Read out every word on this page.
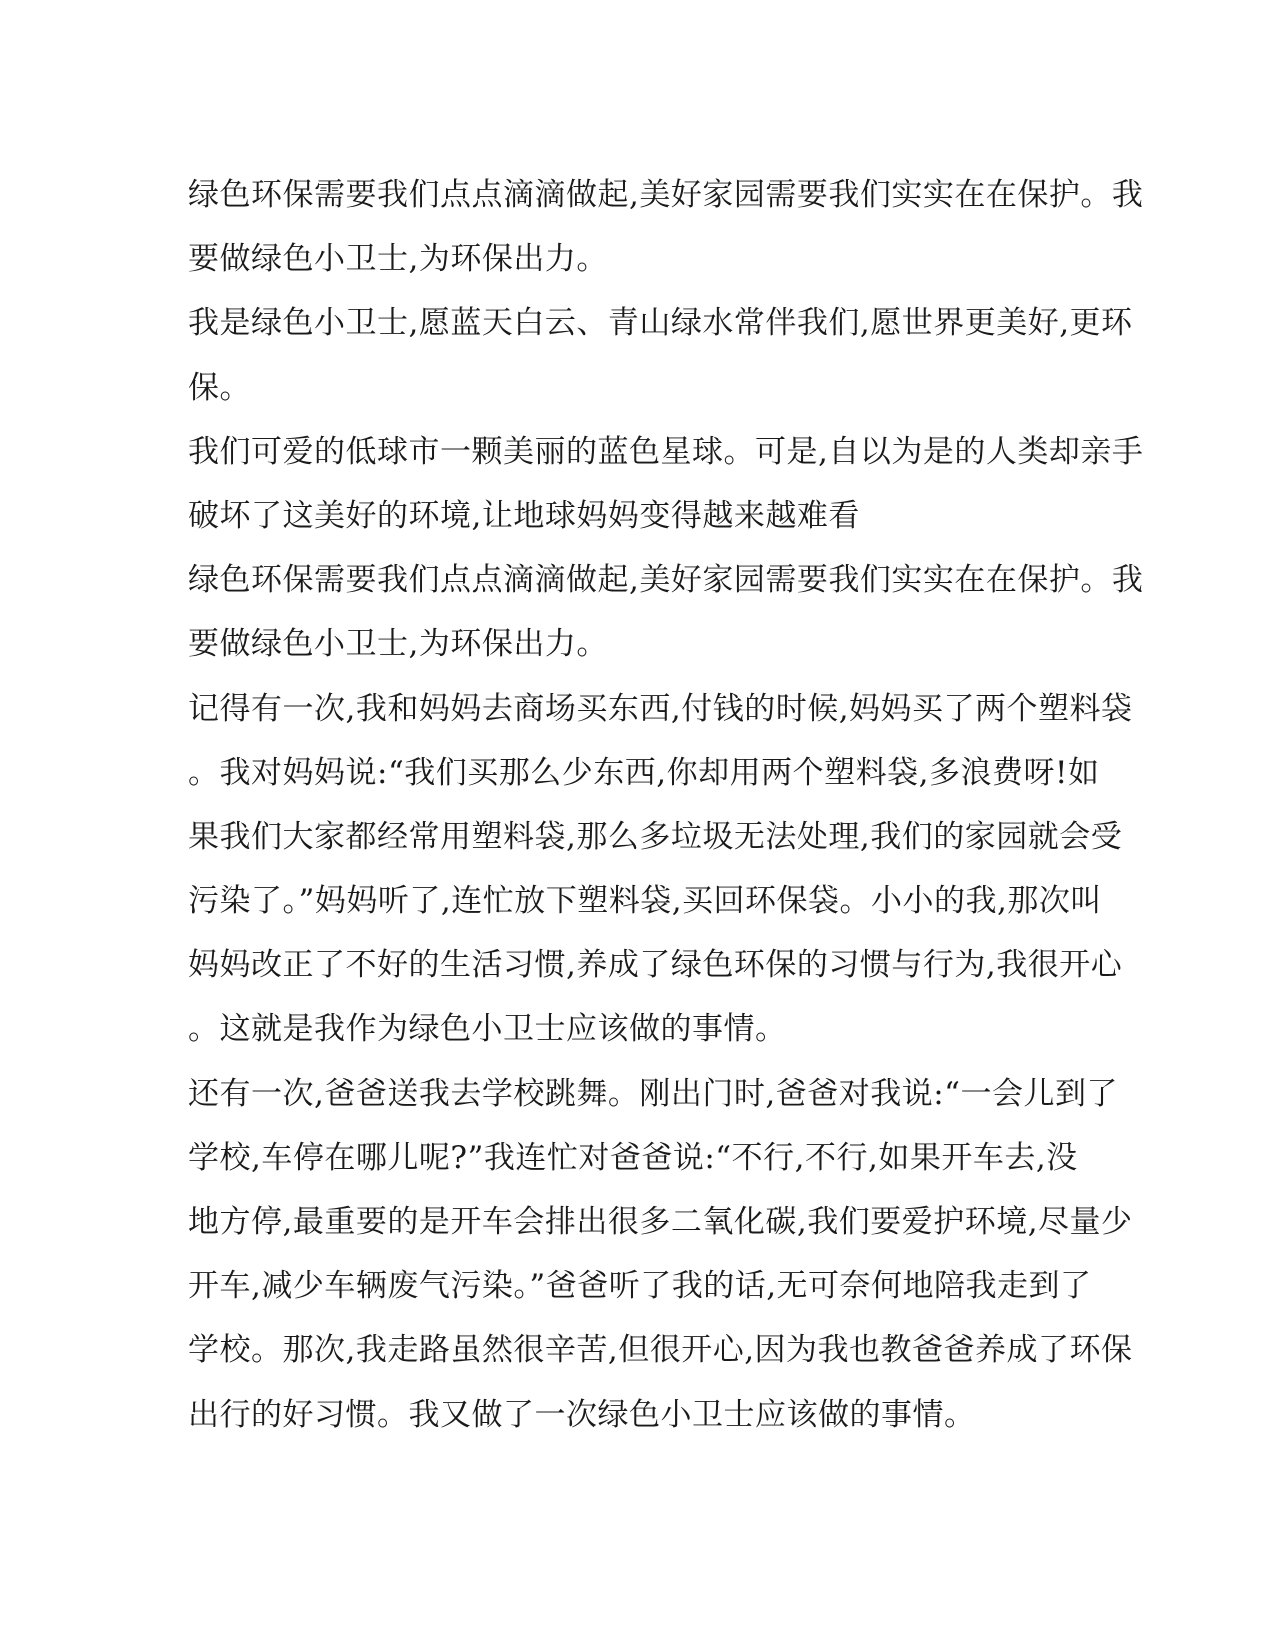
绿色环保需要我们点点滴滴做起,美好家园需要我们实实在在保护。我
要做绿色小卫士,为环保出力。
我是绿色小卫士,愿蓝天白云、青山绿水常伴我们,愿世界更美好,更环
保。
我们可爱的低球市一颗美丽的蓝色星球。可是,自以为是的人类却亲手
破坏了这美好的环境,让地球妈妈变得越来越难看
绿色环保需要我们点点滴滴做起,美好家园需要我们实实在在保护。我
要做绿色小卫士,为环保出力。
记得有一次,我和妈妈去商场买东西,付钱的时候,妈妈买了两个塑料袋
。我对妈妈说:“我们买那么少东西,你却用两个塑料袋,多浪费呀!如
果我们大家都经常用塑料袋,那么多垃圾无法处理,我们的家园就会受
污染了。”妈妈听了,连忙放下塑料袋,买回环保袋。小小的我,那次叫
妈妈改正了不好的生活习惯,养成了绿色环保的习惯与行为,我很开心
。这就是我作为绿色小卫士应该做的事情。
还有一次,爸爸送我去学校跳舞。刚出门时,爸爸对我说:“一会儿到了
学校,车停在哪儿呢?”我连忙对爸爸说:“不行,不行,如果开车去,没
地方停,最重要的是开车会排出很多二氧化碳,我们要爱护环境,尽量少
开车,减少车辆废气污染。”爸爸听了我的话,无可奈何地陪我走到了
学校。那次,我走路虽然很辛苦,但很开心,因为我也教爸爸养成了环保
出行的好习惯。我又做了一次绿色小卫士应该做的事情。
